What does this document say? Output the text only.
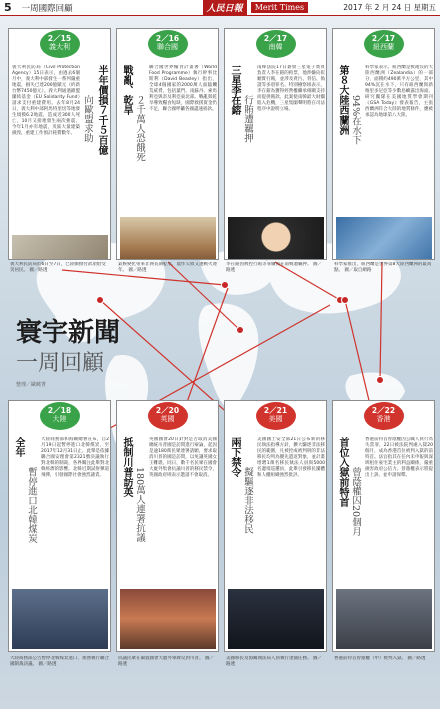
5 一周國際回顧	人民日報	Merit Times	2017 年 2 月 24 日 星期五
寰宇新聞
一周回顧
整理／歐曉菁
2／15
義大利
半年價損７千５百億
向歐盟求助
義大利民防局（Civil Protection Agency）15日表示，由過去6個月中，義大利中部發生一系列嚴重地震，損失已達200億歐元（約新台幣7450億元）。義大利通過歐盟團結基金（EU Solidarity Fund）請求支付重建費用。去年8月24日，義大利中部阿馬特里切等地發生規模6.2地震，造成近300人死亡，10月又接連發生兩次強震，今年1月亦有地震，災區大量建築損毀，重建工作預計耗費數年。
義大利民防局於6日至7日，已陸續撥付款項給受災居民。 圖／路透
2／16
聯合國
戰亂、乾旱
２千萬人恐餓死
聯合國世界糧食計畫署（World Food Programme）執行幹事比斯利（David Beasley）指出，全球4個國家的2000萬人面臨饑荒威脅，包括葉門、南蘇丹、索馬利亞與奈及利亞東北部。戰亂與乾旱導致糧食短缺，國際救援資金仍不足，聯合國呼籲各國盡速捐款。
氣候變化帶來非洲長期乾旱，農作欠收又逢戰火連年。 圖／路透
2／17
南韓
三星李在鎔
行賄遭羈押
南韓法院17日簽發三星電子實質負責人李在鎔的拘票，他涉嫌向崔順實行賄，並涉及貪污、背信、偽證等多項罪名。特別檢察組表示，李在鎔為獲得經營權繼承相關支持而提供賄款。此案使南韓最大財團陷入危機，三星集團聲明將在司法程序中說明立場。
李在鎔因被控行賄等罪嫌而在南韓遭羈押。 圖／路透
2／17
紐西蘭
第８大陸西蘭洲 94%在水下
科學家表示，紐西蘭是被淹沒的大陸西蘭洲（Zealandia）的一部分，面積約490萬平方公里，其中94%沉在水下，只有紐西蘭與新喀里多尼亞等少數島嶼露出海面。研究團隊在美國地質學會期刊《GSA Today》發表報告，主張西蘭洲符合大陸的地質條件，應被承認為地球第八大陸。
科學家推出，紐西蘭是世界第8大陸西蘭洲的最高點。 圖／取自網路
2／18
大陸
全年
暫停進口北韓煤炭
大陸商務部和海關總署宣布，自2月19日起暫停進口北韓煤炭，至2017年12月31日止。此舉是依據聯合國安理會第2321號決議執行對北韓的制裁，各界關注此舉對北韓經濟的影響。北韓近期試射彈道飛彈，引發國際社會強烈譴責。
大陸商務部公告暫停北韓煤炭進口，加強執行聯合國制裁決議。 圖／路透
2／20
英國
抵制川普訪英 180萬人連署抗議
英國國會20日針對是否取消美國總統川普國是訪問進行辯論，起因是逾180萬民眾連署請願，要求取消川普的國是訪問，以免讓英國女王難堪。同日，數千名民眾在國會大廈外集會抗議川普的移民禁令，英國政府則表示邀請不會取消。
抗議民眾在倫敦國會大廈外舉牌反對川普。 圖／路透
2／21
美國
兩下禁令
擬驅逐非法移民
美國國土安全部21日公布新的移民執法指導方針，擴大驅逐非法移民的範圍，凡被控或被判刑的非法移民均列為優先遣返對象，並計畫增聘1萬名移民執法人員與5000名邊境巡邏員，此舉引發移民團體和人權組織強烈批評。
美國移民及海關執法局人員執行逮捕任務。 圖／路透
2／22
香港
首位入獄前特首 曾蔭權囚20個月
香港前特首曾蔭權因公職人員行為失當罪，22日被法院判處入獄20個月，成為香港首位被判入獄的前特首。法官指其在任內未申報與深圳租住豪宅業主的利益關係，嚴重損害政府公信力。曾蔭權表示將提出上訴，並申請保釋。
香港前特首曾蔭權（中）被判入獄。 圖／路透
